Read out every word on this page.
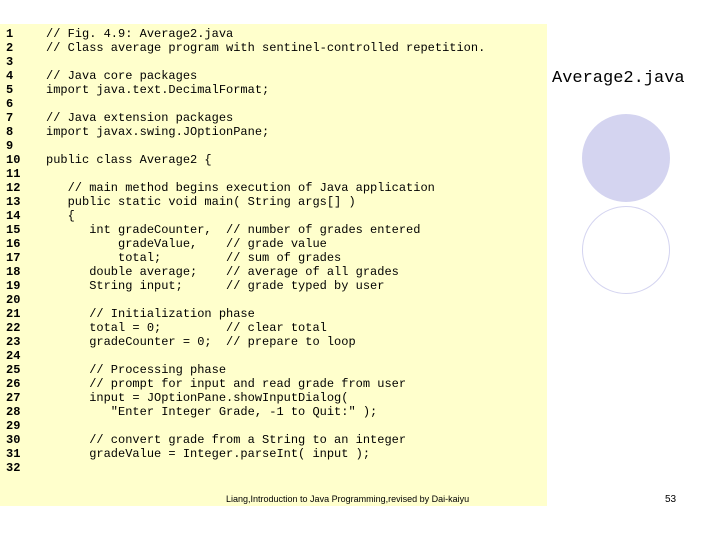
1	// Fig. 4.9: Average2.java
2	// Class average program with sentinel-controlled repetition.
3
4	// Java core packages
5	import java.text.DecimalFormat;
6
7	// Java extension packages
8	import javax.swing.JOptionPane;
9
10 public class Average2 {
11
12   // main method begins execution of Java application
13   public static void main( String args[] )
14   {
15      int gradeCounter,  // number of grades entered
16          gradeValue,    // grade value
17          total;         // sum of grades
18      double average;    // average of all grades
19      String input;      // grade typed by user
20
21      // Initialization phase
22      total = 0;         // clear total
23      gradeCounter = 0;  // prepare to loop
24
25      // Processing phase
26      // prompt for input and read grade from user
27      input = JOptionPane.showInputDialog(
28         "Enter Integer Grade, -1 to Quit:" );
29
30      // convert grade from a String to an integer
31      gradeValue = Integer.parseInt( input );
32
Average2.java
Liang,Introduction to Java Programming,revised by Dai-kaiyu	53
